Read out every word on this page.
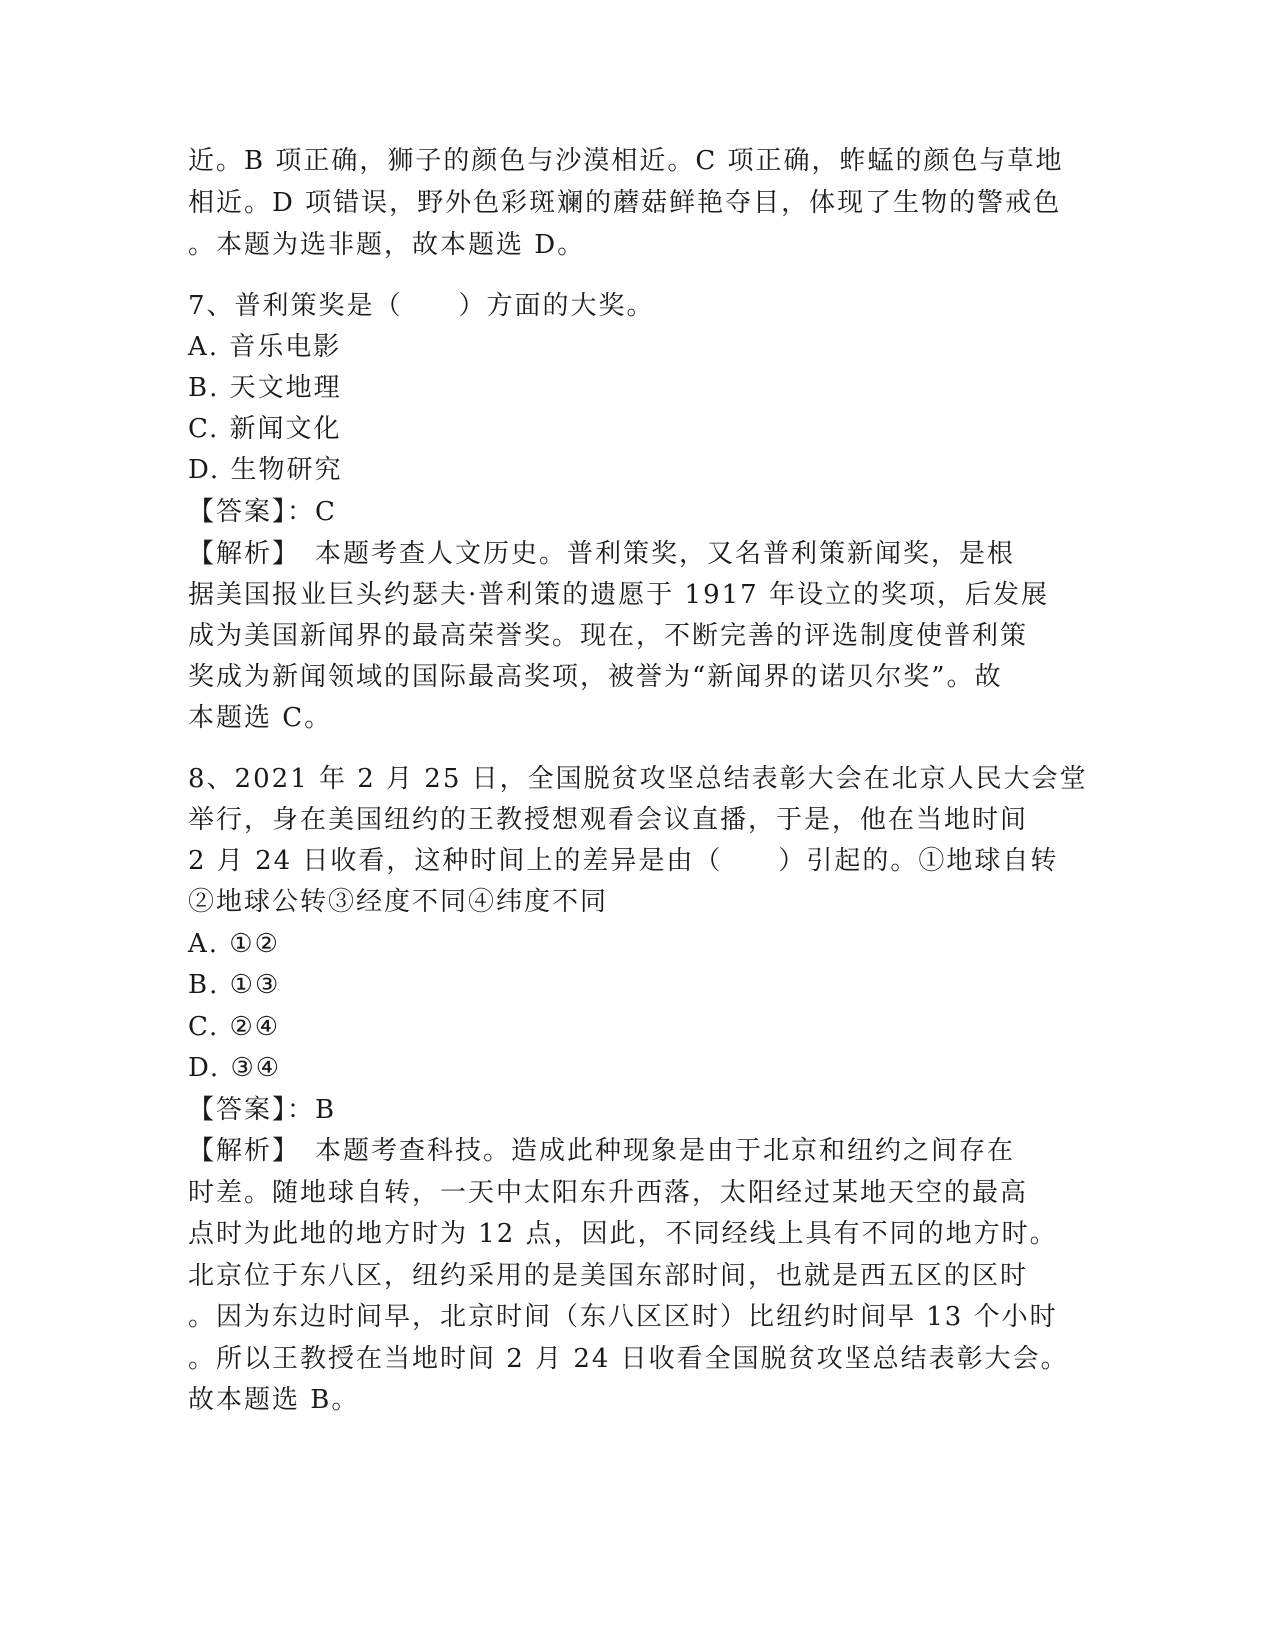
近。B 项正确，狮子的颜色与沙漠相近。C 项正确，蚱蜢的颜色与草地
相近。D 项错误，野外色彩斑斓的蘑菇鲜艳夺目，体现了生物的警戒色
。本题为选非题，故本题选 D。
7、普利策奖是（　　）方面的大奖。
A. 音乐电影
B. 天文地理
C. 新闻文化
D. 生物研究
【答案】：C
【解析】　本题考查人文历史。普利策奖，又名普利策新闻奖，是根
据美国报业巨头约瑟夫·普利策的遗愿于 1917 年设立的奖项，后发展
成为美国新闻界的最高荣誉奖。现在，不断完善的评选制度使普利策
奖成为新闻领域的国际最高奖项，被誉为“新闻界的诺贝尔奖”。故
本题选 C。
8、2021 年 2 月 25 日，全国脱贫攻坚总结表彰大会在北京人民大会堂
举行，身在美国纽约的王教授想观看会议直播，于是，他在当地时间
2 月 24 日收看，这种时间上的差异是由（　　）引起的。①地球自转
②地球公转③经度不同④纬度不同
A. ①②
B. ①③
C. ②④
D. ③④
【答案】：B
【解析】　本题考查科技。造成此种现象是由于北京和纽约之间存在
时差。随地球自转，一天中太阳东升西落，太阳经过某地天空的最高
点时为此地的地方时为 12 点，因此，不同经线上具有不同的地方时。
北京位于东八区，纽约采用的是美国东部时间，也就是西五区的区时
。因为东边时间早，北京时间（东八区区时）比纽约时间早 13 个小时
。所以王教授在当地时间 2 月 24 日收看全国脱贫攻坚总结表彰大会。
故本题选 B。
